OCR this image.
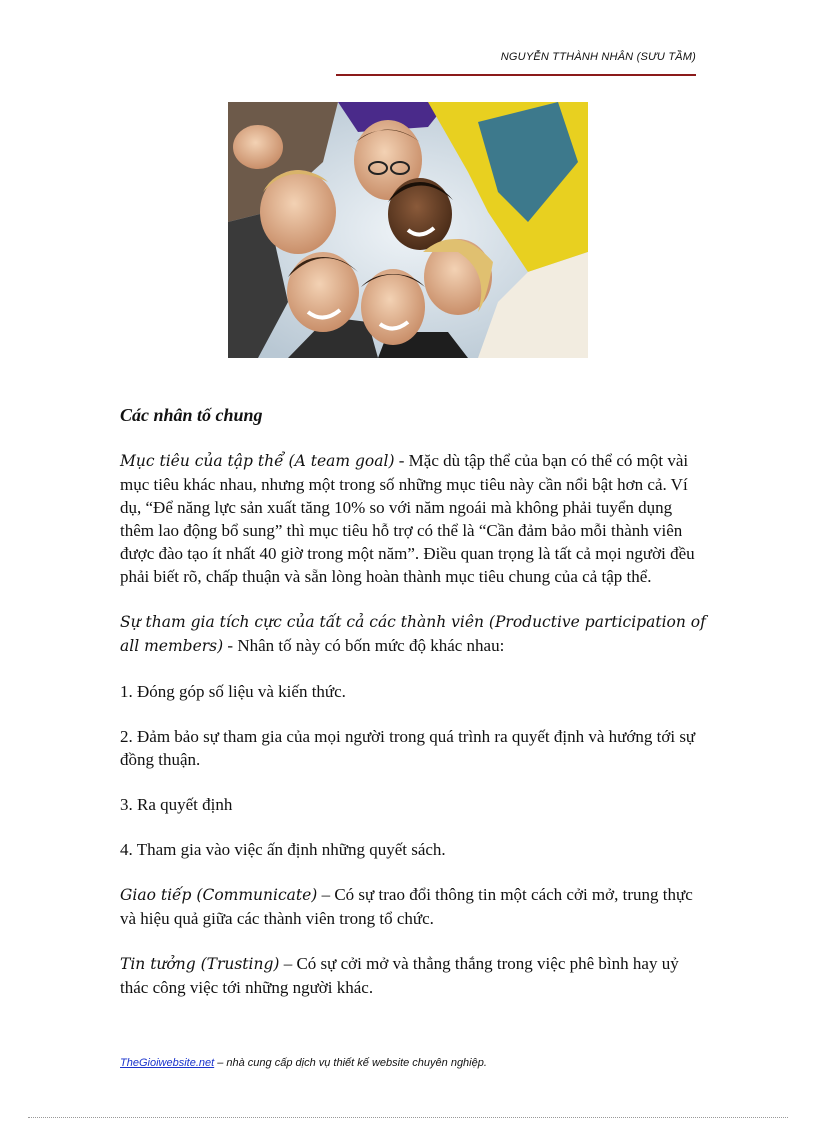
NGUYỄN TTHÀNH NHÂN (SƯU TẦM)

Các nhân tố chung

Mục tiêu của tập thể (A team goal) - Mặc dù tập thể của bạn có thể có một vài mục tiêu khác nhau, nhưng một trong số những mục tiêu này cần nổi bật hơn cả. Ví dụ, “Để năng lực sản xuất tăng 10% so với năm ngoái mà không phải tuyển dụng thêm lao động bổ sung” thì mục tiêu hỗ trợ có thể là “Cần đảm bảo mỗi thành viên được đào tạo ít nhất 40 giờ trong một năm”. Điều quan trọng là tất cả mọi người đều phải biết rõ, chấp thuận và sẵn lòng hoàn thành mục tiêu chung của cả tập thể.

Sự tham gia tích cực của tất cả các thành viên (Productive participation of all members) - Nhân tố này có bốn mức độ khác nhau:

1. Đóng góp số liệu và kiến thức.

2. Đảm bảo sự tham gia của mọi người trong quá trình ra quyết định và hướng tới sự đồng thuận.

3. Ra quyết định

4. Tham gia vào việc ấn định những quyết sách.

Giao tiếp (Communicate) – Có sự trao đổi thông tin một cách cởi mở, trung thực và hiệu quả giữa các thành viên trong tổ chức.

Tin tưởng (Trusting) – Có sự cởi mở và thẳng thắng trong việc phê bình hay uỷ thác công việc tới những người khác.

TheGioiwebsite.net – nhà cung cấp dịch vụ thiết kế website chuyên nghiệp.
